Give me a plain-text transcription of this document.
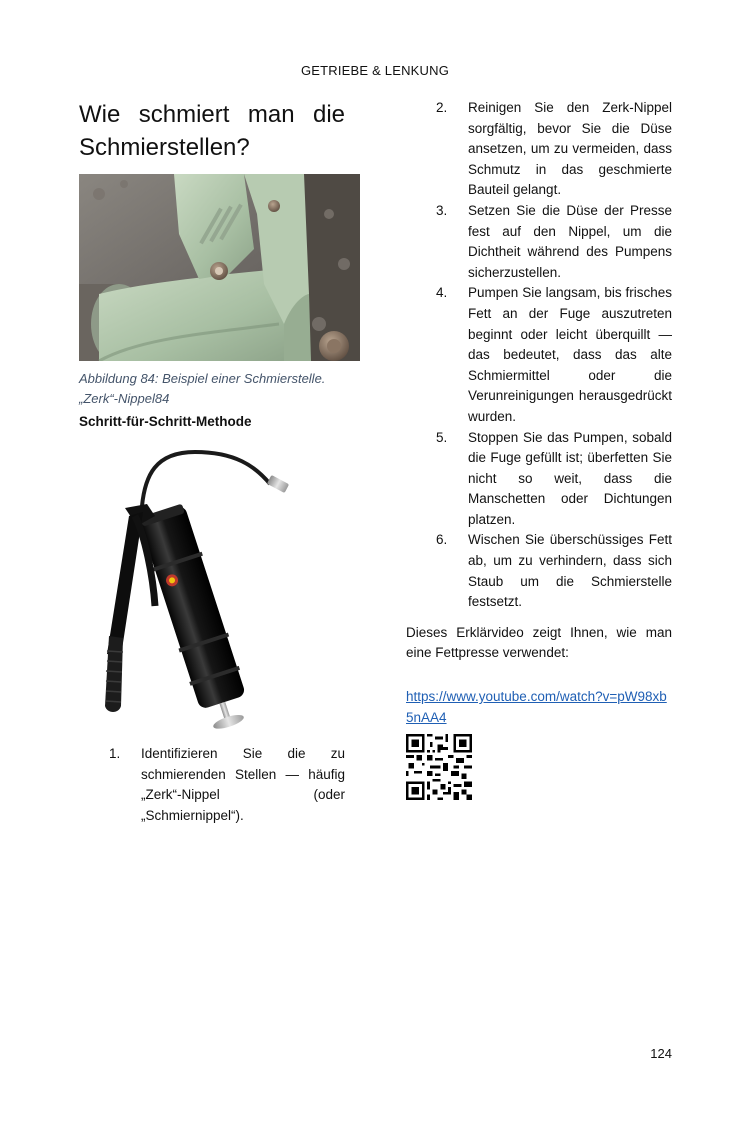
GETRIEBE & LENKUNG
Wie schmiert man die Schmierstellen?
Abbildung 84: Beispiel einer Schmierstelle. „Zerk“-Nippel84
Schritt-für-Schritt-Methode
1. Identifizieren Sie die zu schmierenden Stellen — häufig „Zerk“-Nippel (oder „Schmiernippel“).
2. Reinigen Sie den Zerk-Nippel sorgfältig, bevor Sie die Düse ansetzen, um zu vermeiden, dass Schmutz in das geschmierte Bauteil gelangt.
3. Setzen Sie die Düse der Presse fest auf den Nippel, um die Dichtheit während des Pumpens sicherzustellen.
4. Pumpen Sie langsam, bis frisches Fett an der Fuge auszutreten beginnt oder leicht überquillt — das bedeutet, dass das alte Schmiermittel oder die Verunreinigungen herausgedrückt wurden.
5. Stoppen Sie das Pumpen, sobald die Fuge gefüllt ist; überfetten Sie nicht so weit, dass die Manschetten oder Dichtungen platzen.
6. Wischen Sie überschüssiges Fett ab, um zu verhindern, dass sich Staub um die Schmierstelle festsetzt.

Dieses Erklärvideo zeigt Ihnen, wie man eine Fettpresse verwendet:

https://www.youtube.com/watch?v=pW98xb5nAA4
124
